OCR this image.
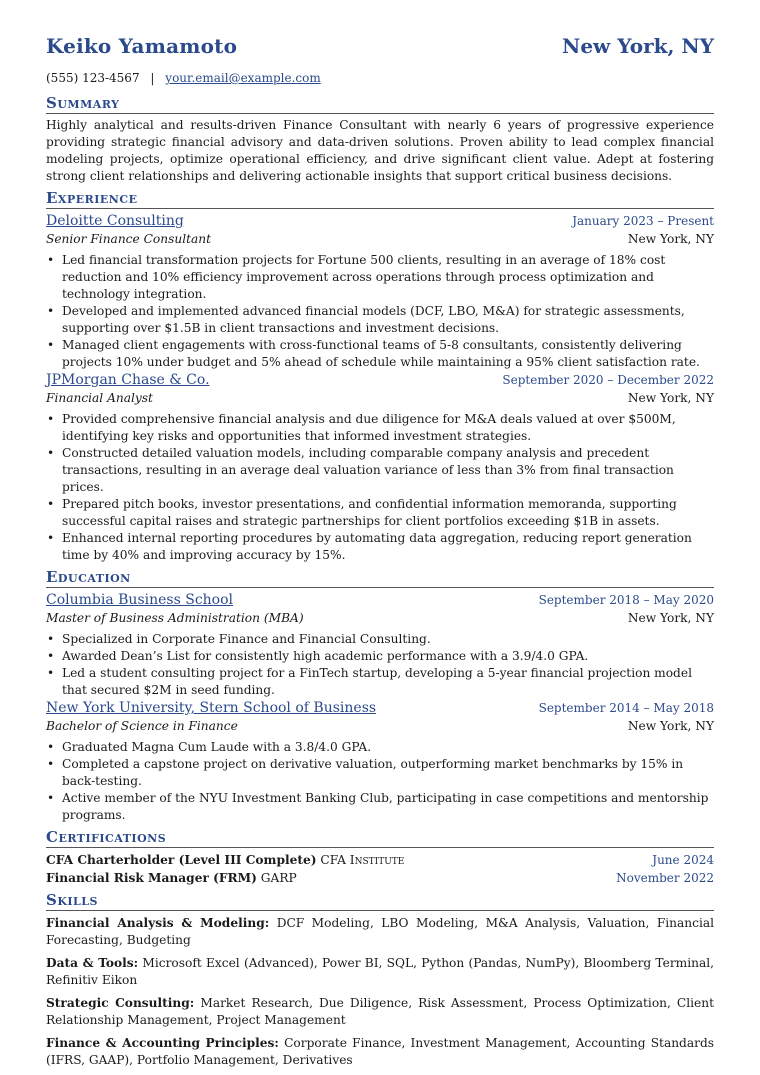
Keiko Yamamoto	New York, NY
(555) 123-4567 | your.email@example.com
Summary
Highly analytical and results-driven Finance Consultant with nearly 6 years of progressive experience providing strategic financial advisory and data-driven solutions. Proven ability to lead complex financial modeling projects, optimize operational efficiency, and drive significant client value. Adept at fostering strong client relationships and delivering actionable insights that support critical business decisions.
Experience
Deloitte Consulting	January 2023 – Present
Senior Finance Consultant	New York, NY
• Led financial transformation projects for Fortune 500 clients, resulting in an average of 18% cost reduction and 10% efficiency improvement across operations through process optimization and technology integration.
• Developed and implemented advanced financial models (DCF, LBO, M&A) for strategic assessments, supporting over $1.5B in client transactions and investment decisions.
• Managed client engagements with cross-functional teams of 5-8 consultants, consistently delivering projects 10% under budget and 5% ahead of schedule while maintaining a 95% client satisfaction rate.
JPMorgan Chase & Co.	September 2020 – December 2022
Financial Analyst	New York, NY
• Provided comprehensive financial analysis and due diligence for M&A deals valued at over $500M, identifying key risks and opportunities that informed investment strategies.
• Constructed detailed valuation models, including comparable company analysis and precedent transactions, resulting in an average deal valuation variance of less than 3% from final transaction prices.
• Prepared pitch books, investor presentations, and confidential information memoranda, supporting successful capital raises and strategic partnerships for client portfolios exceeding $1B in assets.
• Enhanced internal reporting procedures by automating data aggregation, reducing report generation time by 40% and improving accuracy by 15%.
Education
Columbia Business School	September 2018 – May 2020
Master of Business Administration (MBA)	New York, NY
• Specialized in Corporate Finance and Financial Consulting.
• Awarded Dean’s List for consistently high academic performance with a 3.9/4.0 GPA.
• Led a student consulting project for a FinTech startup, developing a 5-year financial projection model that secured $2M in seed funding.
New York University, Stern School of Business	September 2014 – May 2018
Bachelor of Science in Finance	New York, NY
• Graduated Magna Cum Laude with a 3.8/4.0 GPA.
• Completed a capstone project on derivative valuation, outperforming market benchmarks by 15% in back-testing.
• Active member of the NYU Investment Banking Club, participating in case competitions and mentorship programs.
Certifications
CFA Charterholder (Level III Complete) CFA Institute	June 2024
Financial Risk Manager (FRM) GARP	November 2022
Skills
Financial Analysis & Modeling: DCF Modeling, LBO Modeling, M&A Analysis, Valuation, Financial Forecasting, Budgeting
Data & Tools: Microsoft Excel (Advanced), Power BI, SQL, Python (Pandas, NumPy), Bloomberg Terminal, Refinitiv Eikon
Strategic Consulting: Market Research, Due Diligence, Risk Assessment, Process Optimization, Client Relationship Management, Project Management
Finance & Accounting Principles: Corporate Finance, Investment Management, Accounting Standards (IFRS, GAAP), Portfolio Management, Derivatives
